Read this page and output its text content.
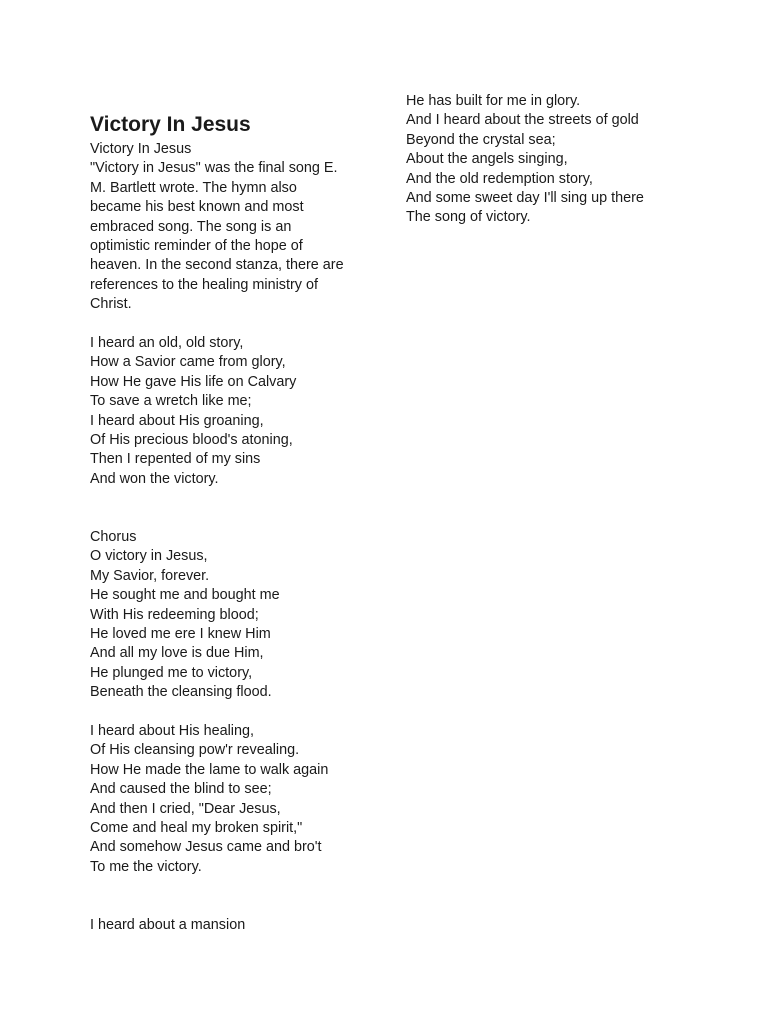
Victory In Jesus
Victory In Jesus
"Victory in Jesus" was the final song E.
M. Bartlett wrote. The hymn also
became his best known and most
embraced song. The song is an
optimistic reminder of the hope of
heaven. In the second stanza, there are
references to the healing ministry of
Christ.
I heard an old, old story,
How a Savior came from glory,
How He gave His life on Calvary
To save a wretch like me;
I heard about His groaning,
Of His precious blood's atoning,
Then I repented of my sins
And won the victory.
Chorus
O victory in Jesus,
My Savior, forever.
He sought me and bought me
With His redeeming blood;
He loved me ere I knew Him
And all my love is due Him,
He plunged me to victory,
Beneath the cleansing flood.
I heard about His healing,
Of His cleansing pow'r revealing.
How He made the lame to walk again
And caused the blind to see;
And then I cried, "Dear Jesus,
Come and heal my broken spirit,"
And somehow Jesus came and bro't
To me the victory.
I heard about a mansion
He has built for me in glory.
And I heard about the streets of gold
Beyond the crystal sea;
About the angels singing,
And the old redemption story,
And some sweet day I'll sing up there
The song of victory.
